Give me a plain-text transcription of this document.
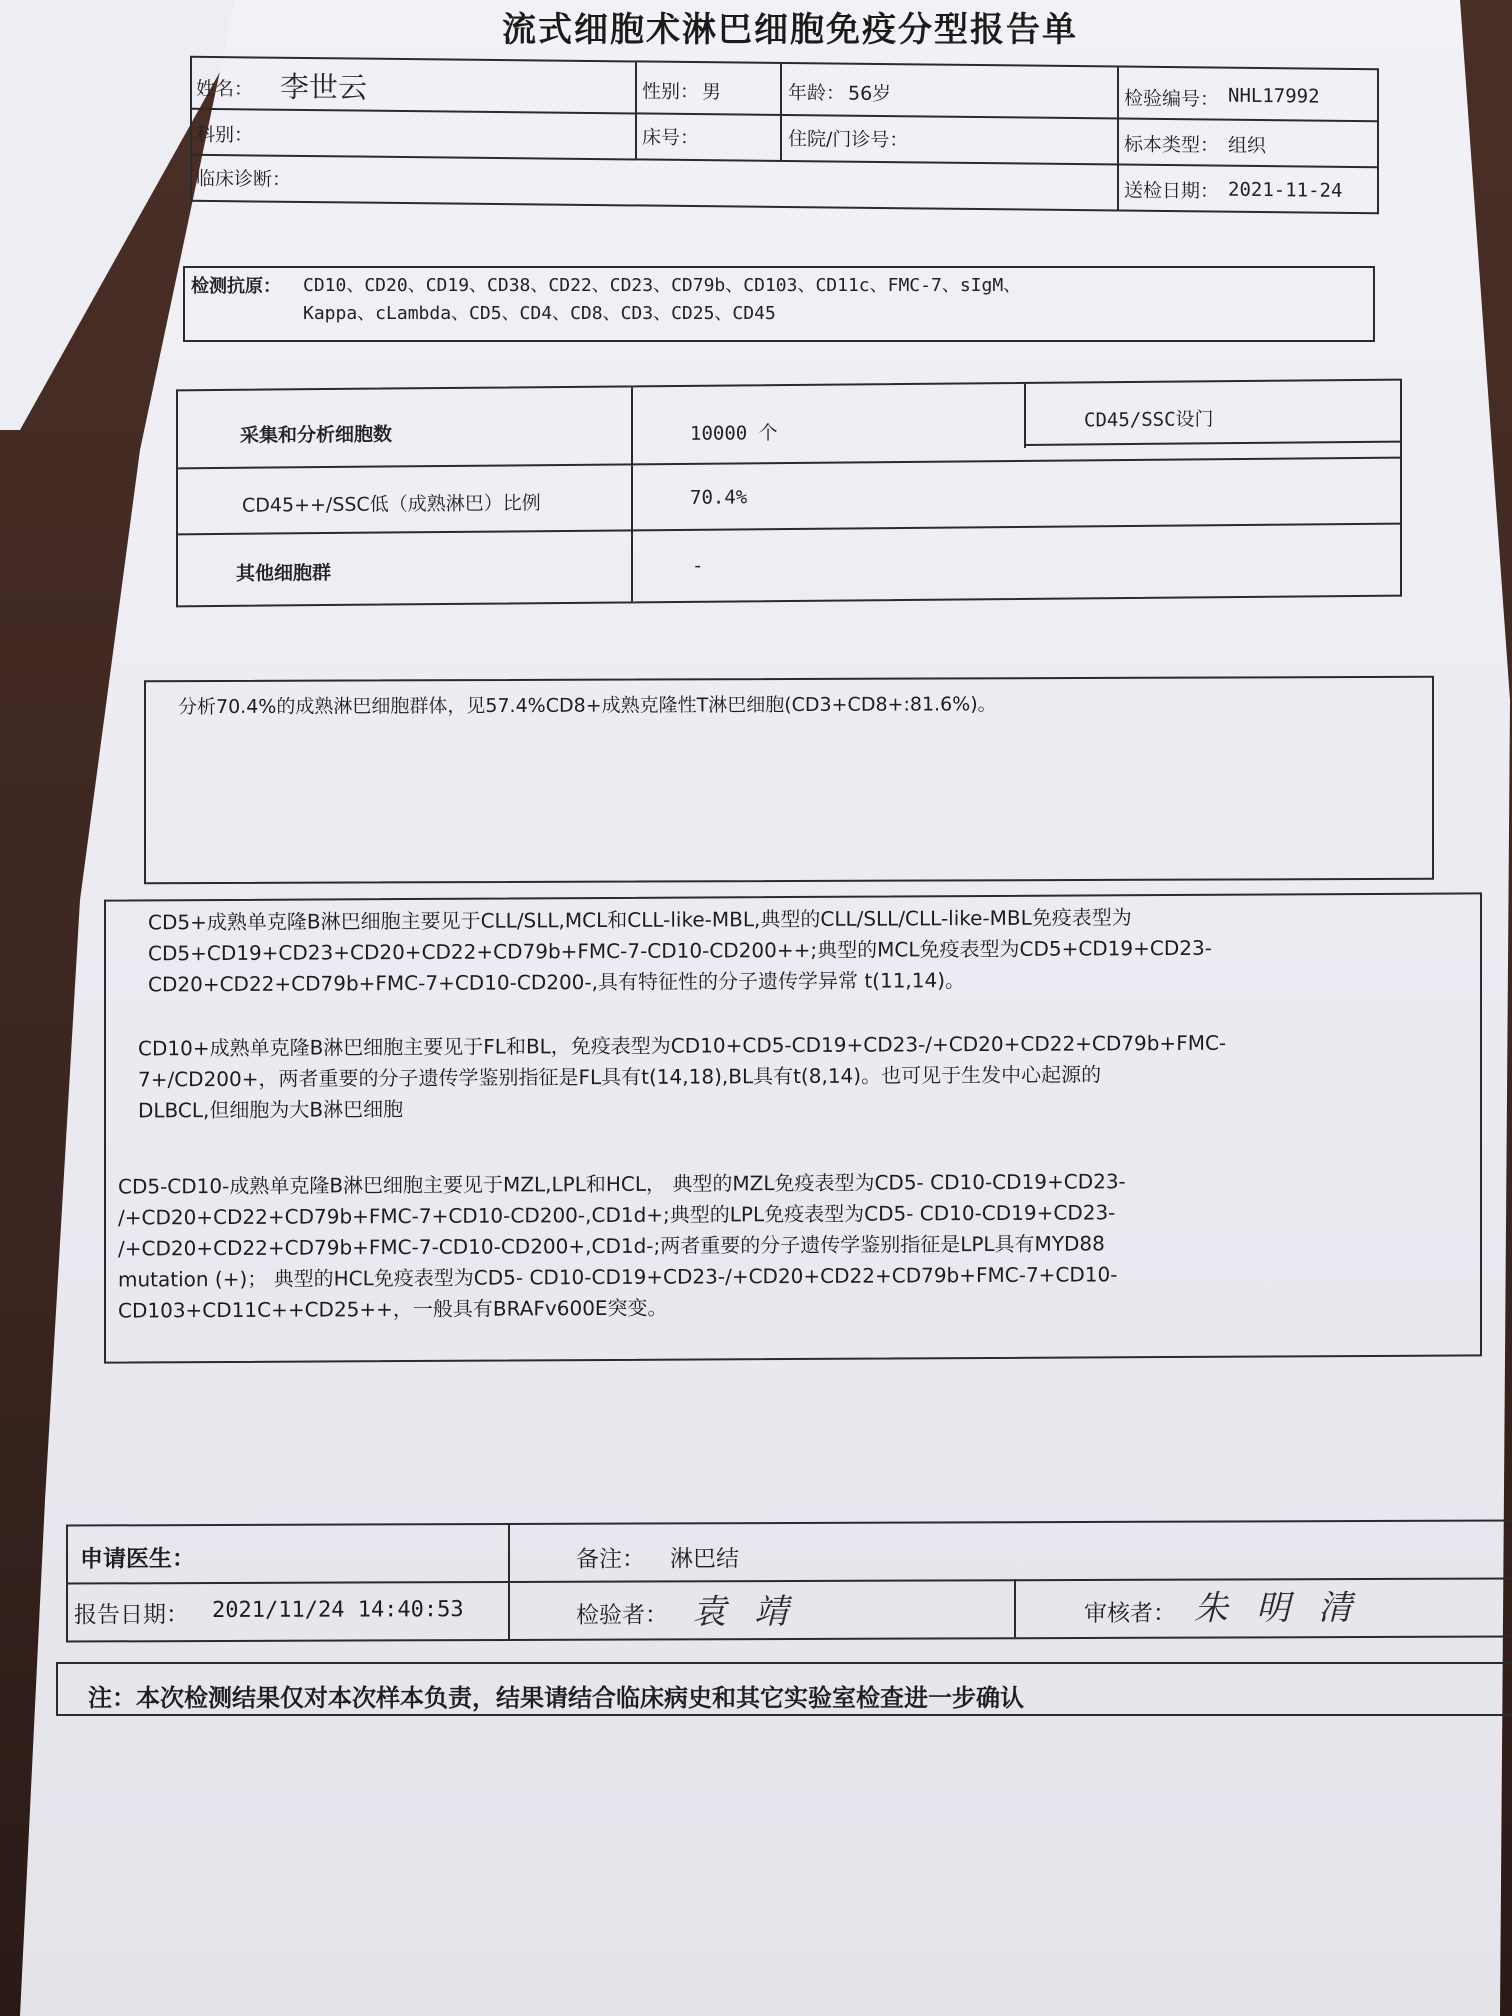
流式细胞术淋巴细胞免疫分型报告单
姓名： 李世云	性别： 男	年龄： 56岁	检验编号： NHL17992
科别：	床号：	住院/门诊号：	标本类型： 组织
临床诊断：
送检日期： 2021-11-24
检测抗原： CD10、CD20、CD19、CD38、CD22、CD23、CD79b、CD103、CD11c、FMC-7、sIgM、
Kappa、cLambda、CD5、CD4、CD8、CD3、CD25、CD45
采集和分析细胞数	10000 个
CD45/SSC设门
CD45++/SSC低（成熟淋巴）比例	70.4%
其他细胞群	-
分析70.4%的成熟淋巴细胞群体，见57.4%CD8+成熟克隆性T淋巴细胞(CD3+CD8+:81.6%)。
CD5+成熟单克隆B淋巴细胞主要见于CLL/SLL,MCL和CLL-like-MBL,典型的CLL/SLL/CLL-like-MBL免疫表型为
CD5+CD19+CD23+CD20+CD22+CD79b+FMC-7-CD10-CD200++;典型的MCL免疫表型为CD5+CD19+CD23-
CD20+CD22+CD79b+FMC-7+CD10-CD200-,具有特征性的分子遗传学异常 t(11,14)。
CD10+成熟单克隆B淋巴细胞主要见于FL和BL，免疫表型为CD10+CD5-CD19+CD23-/+CD20+CD22+CD79b+FMC-
7+/CD200+，两者重要的分子遗传学鉴别指征是FL具有t(14,18),BL具有t(8,14)。也可见于生发中心起源的
DLBCL,但细胞为大B淋巴细胞
CD5-CD10-成熟单克隆B淋巴细胞主要见于MZL,LPL和HCL， 典型的MZL免疫表型为CD5- CD10-CD19+CD23-
/+CD20+CD22+CD79b+FMC-7+CD10-CD200-,CD1d+;典型的LPL免疫表型为CD5- CD10-CD19+CD23-
/+CD20+CD22+CD79b+FMC-7-CD10-CD200+,CD1d-;两者重要的分子遗传学鉴别指征是LPL具有MYD88
mutation (+)； 典型的HCL免疫表型为CD5- CD10-CD19+CD23-/+CD20+CD22+CD79b+FMC-7+CD10-
CD103+CD11C++CD25++，一般具有BRAFv600E突变。
申请医生：	备注： 淋巴结
报告日期： 2021/11/24 14:40:53	检验者： 袁靖	审核者： 朱明清
注：本次检测结果仅对本次样本负责，结果请结合临床病史和其它实验室检查进一步确认
